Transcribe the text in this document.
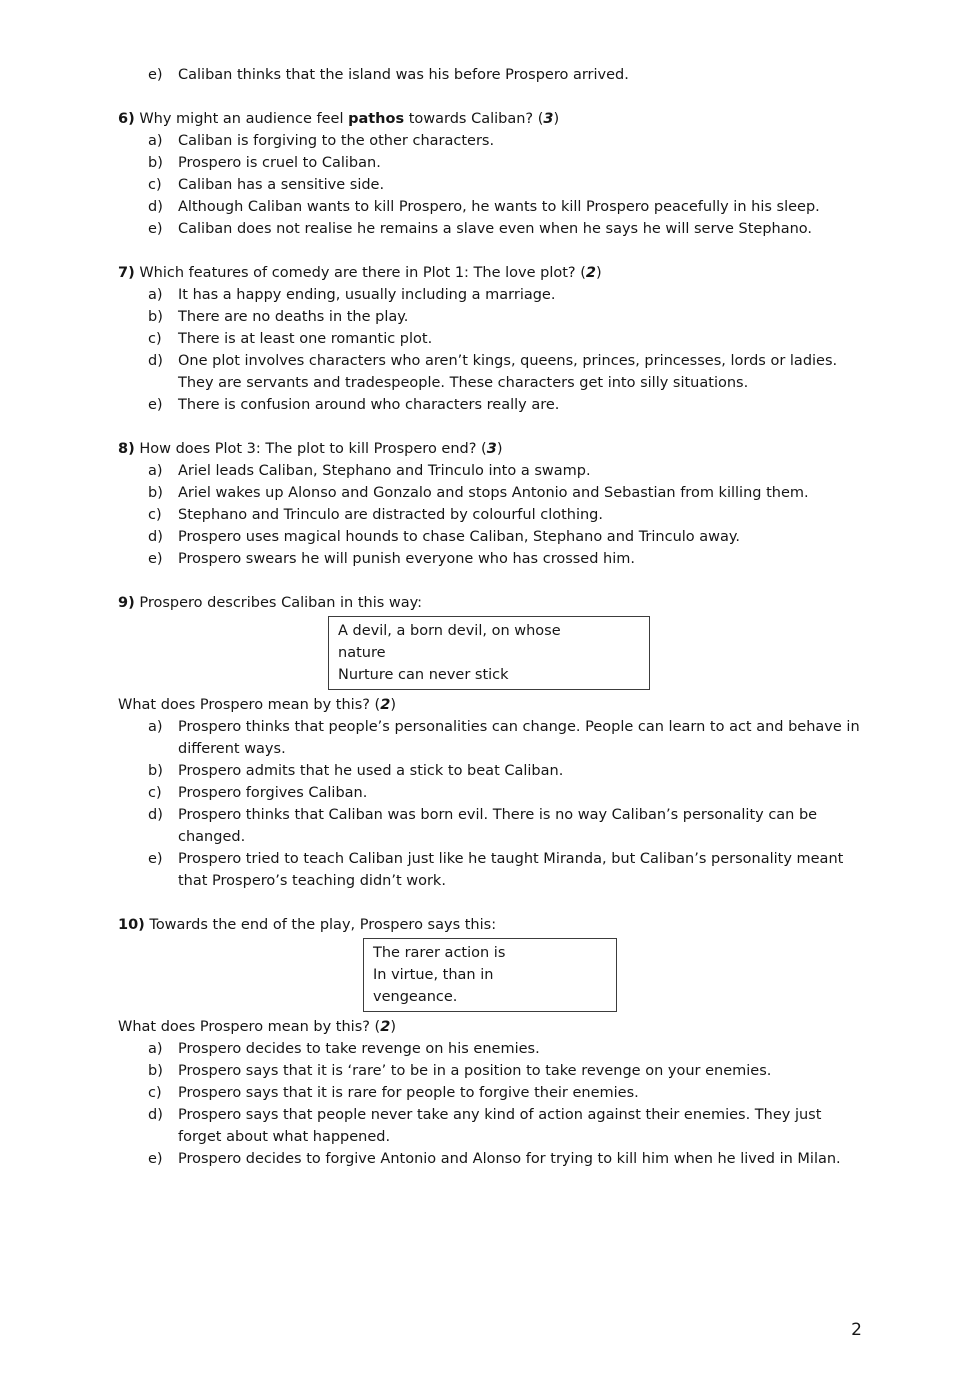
e)	Caliban thinks that the island was his before Prospero arrived.

6) Why might an audience feel pathos towards Caliban? (3)

a)	Caliban is forgiving to the other characters.
b)	Prospero is cruel to Caliban.
c)	Caliban has a sensitive side.
d)	Although Caliban wants to kill Prospero, he wants to kill Prospero peacefully in his sleep.
e)	Caliban does not realise he remains a slave even when he says he will serve Stephano.

7) Which features of comedy are there in Plot 1: The love plot? (2)

a)	It has a happy ending, usually including a marriage.
b)	There are no deaths in the play.
c)	There is at least one romantic plot.
d)	One plot involves characters who aren’t kings, queens, princes, princesses, lords or ladies. They are servants and tradespeople. These characters get into silly situations.
e)	There is confusion around who characters really are.

8) How does Plot 3: The plot to kill Prospero end? (3)

a)	Ariel leads Caliban, Stephano and Trinculo into a swamp.
b)	Ariel wakes up Alonso and Gonzalo and stops Antonio and Sebastian from killing them.
c)	Stephano and Trinculo are distracted by colourful clothing.
d)	Prospero uses magical hounds to chase Caliban, Stephano and Trinculo away.
e)	Prospero swears he will punish everyone who has crossed him.

9) Prospero describes Caliban in this way:

A devil, a born devil, on whose
nature
Nurture can never stick

What does Prospero mean by this? (2)

a)	Prospero thinks that people’s personalities can change. People can learn to act and behave in different ways.
b)	Prospero admits that he used a stick to beat Caliban.
c)	Prospero forgives Caliban.
d)	Prospero thinks that Caliban was born evil. There is no way Caliban’s personality can be changed.
e)	Prospero tried to teach Caliban just like he taught Miranda, but Caliban’s personality meant that Prospero’s teaching didn’t work.

10) Towards the end of the play, Prospero says this:

The rarer action is
In virtue, than in
vengeance.

What does Prospero mean by this? (2)

a)	Prospero decides to take revenge on his enemies.
b)	Prospero says that it is ‘rare’ to be in a position to take revenge on your enemies.
c)	Prospero says that it is rare for people to forgive their enemies.
d)	Prospero says that people never take any kind of action against their enemies. They just forget about what happened.
e)	Prospero decides to forgive Antonio and Alonso for trying to kill him when he lived in Milan.
2
